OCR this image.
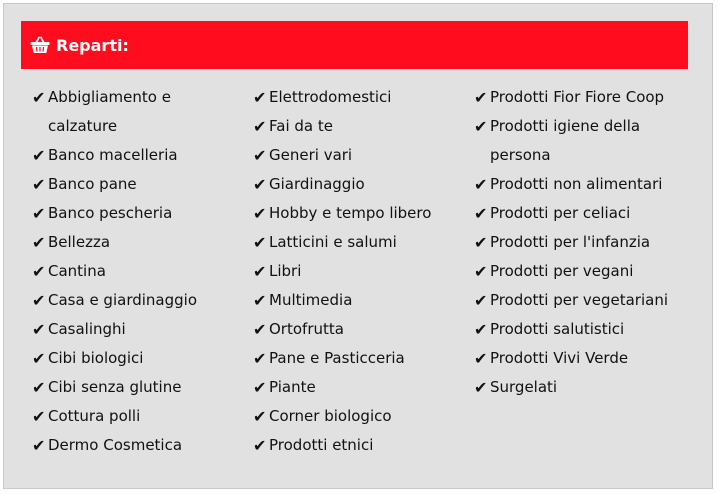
Reparti:
✔ Abbigliamento e calzature
✔ Banco macelleria
✔ Banco pane
✔ Banco pescheria
✔ Bellezza
✔ Cantina
✔ Casa e giardinaggio
✔ Casalinghi
✔ Cibi biologici
✔ Cibi senza glutine
✔ Cottura polli
✔ Dermo Cosmetica
✔ Elettrodomestici
✔ Fai da te
✔ Generi vari
✔ Giardinaggio
✔ Hobby e tempo libero
✔ Latticini e salumi
✔ Libri
✔ Multimedia
✔ Ortofrutta
✔ Pane e Pasticceria
✔ Piante
✔ Corner biologico
✔ Prodotti etnici
✔ Prodotti Fior Fiore Coop
✔ Prodotti igiene della persona
✔ Prodotti non alimentari
✔ Prodotti per celiaci
✔ Prodotti per l'infanzia
✔ Prodotti per vegani
✔ Prodotti per vegetariani
✔ Prodotti salutistici
✔ Prodotti Vivi Verde
✔ Surgelati
